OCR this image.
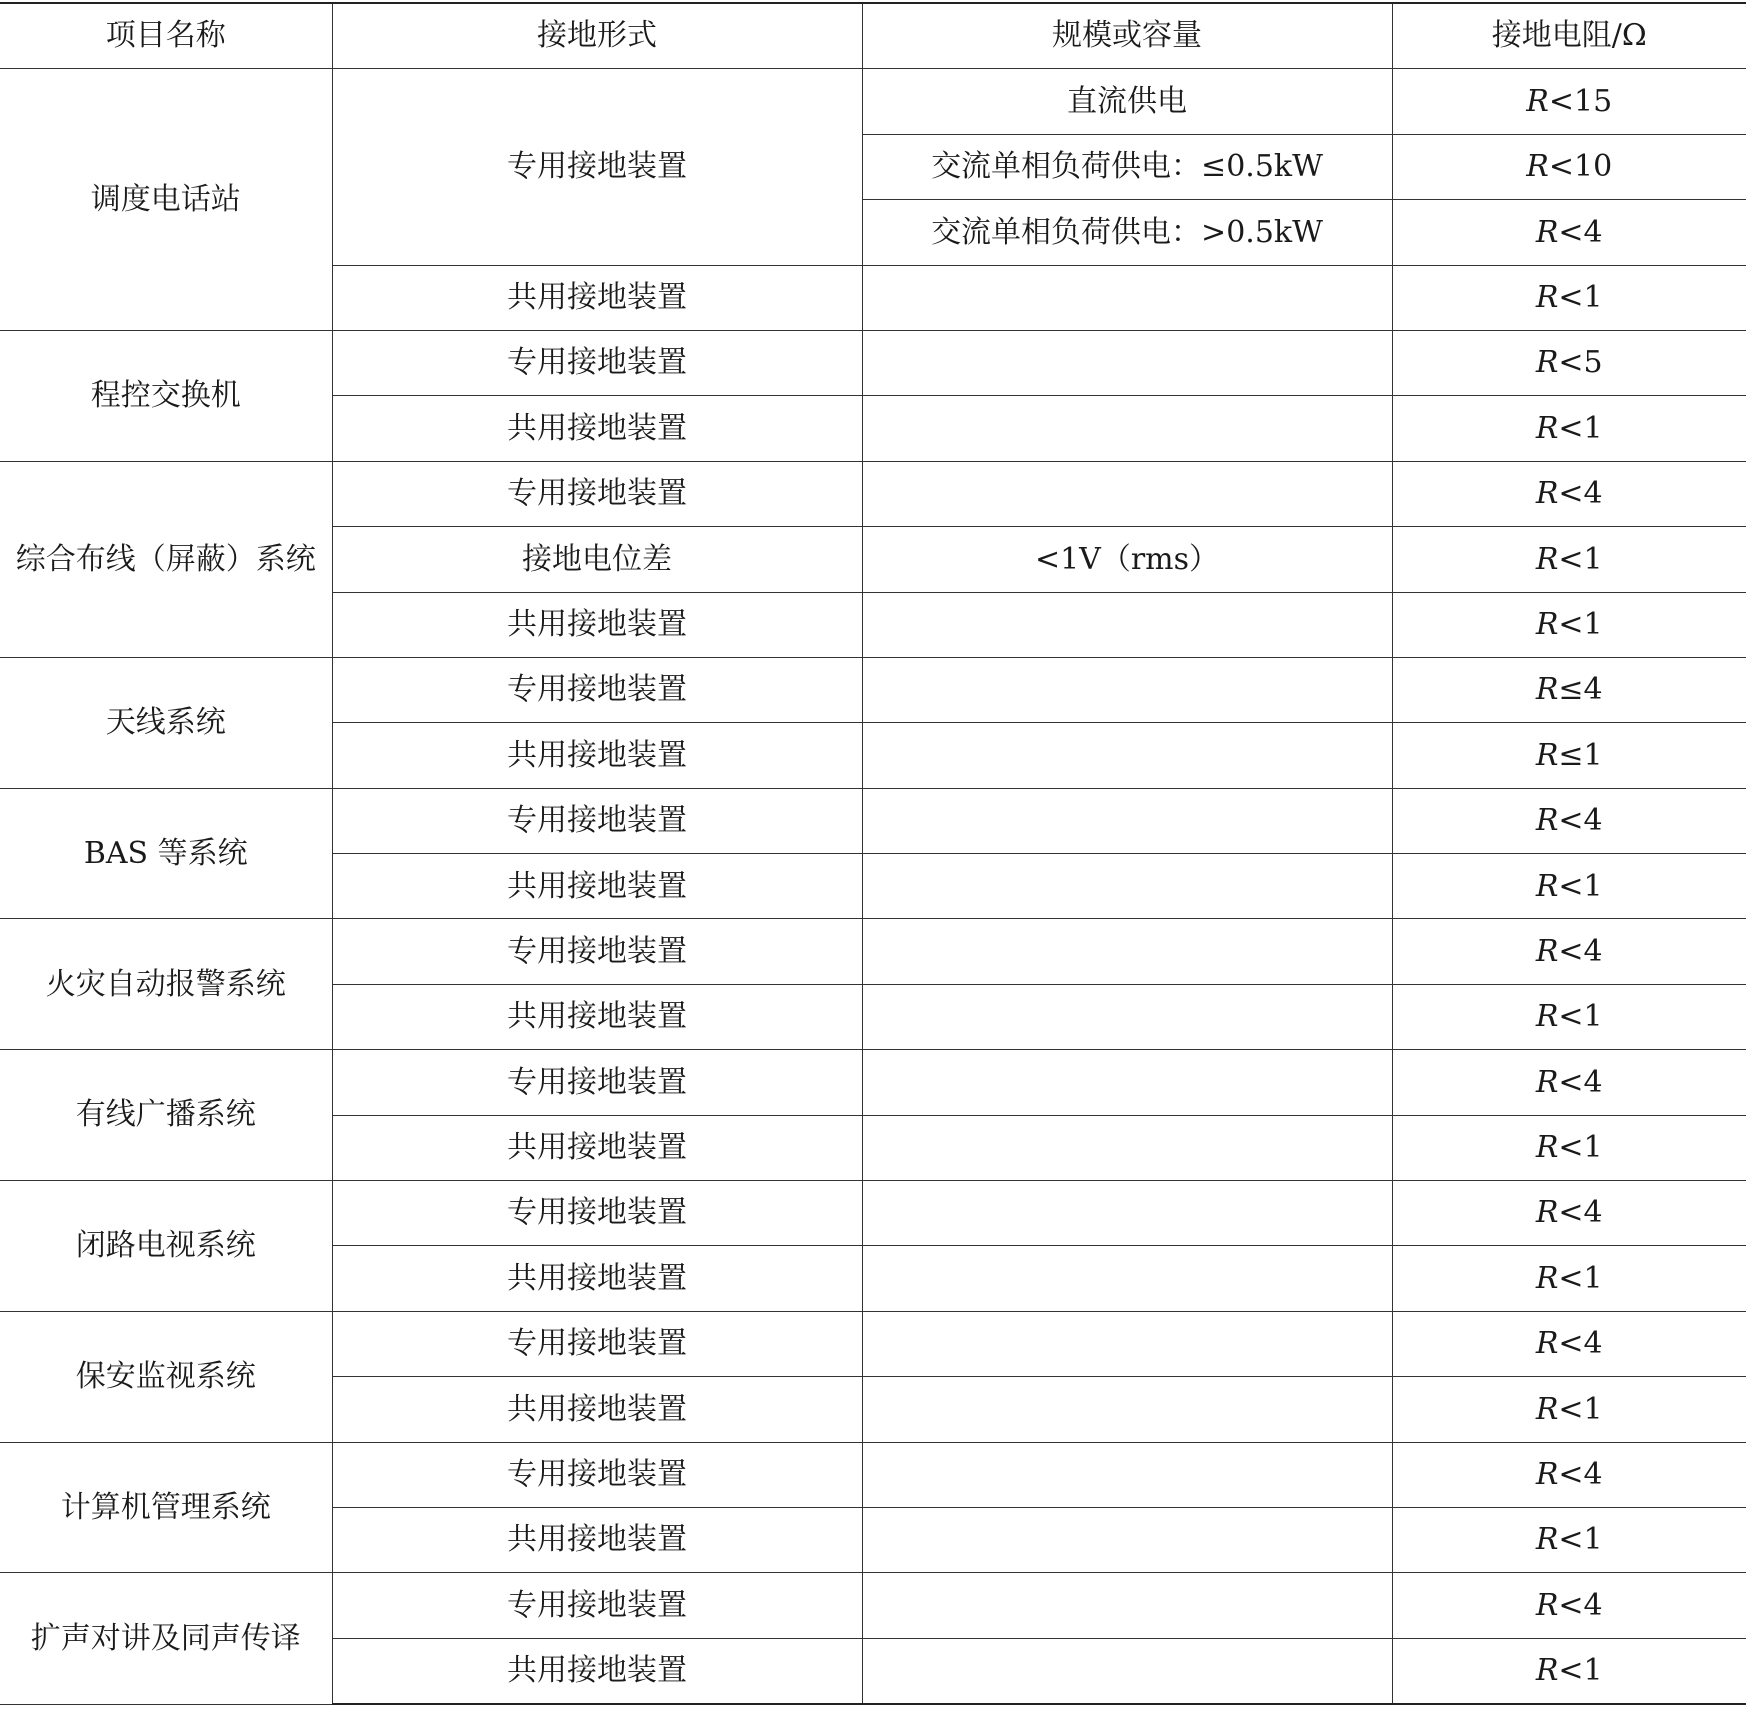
项目名称	接地形式	规模或容量	接地电阻/Ω
调度电话站	专用接地装置	直流供电	R<15
		交流单相负荷供电：≤0.5kW	R<10
		交流单相负荷供电：>0.5kW	R<4
	共用接地装置		R<1
程控交换机	专用接地装置		R<5
	共用接地装置		R<1
综合布线（屏蔽）系统	专用接地装置		R<4
	接地电位差	<1V（rms）	R<1
	共用接地装置		R<1
天线系统	专用接地装置		R≤4
	共用接地装置		R≤1
BAS 等系统	专用接地装置		R<4
	共用接地装置		R<1
火灾自动报警系统	专用接地装置		R<4
	共用接地装置		R<1
有线广播系统	专用接地装置		R<4
	共用接地装置		R<1
闭路电视系统	专用接地装置		R<4
	共用接地装置		R<1
保安监视系统	专用接地装置		R<4
	共用接地装置		R<1
计算机管理系统	专用接地装置		R<4
	共用接地装置		R<1
扩声对讲及同声传译	专用接地装置		R<4
	共用接地装置		R<1
